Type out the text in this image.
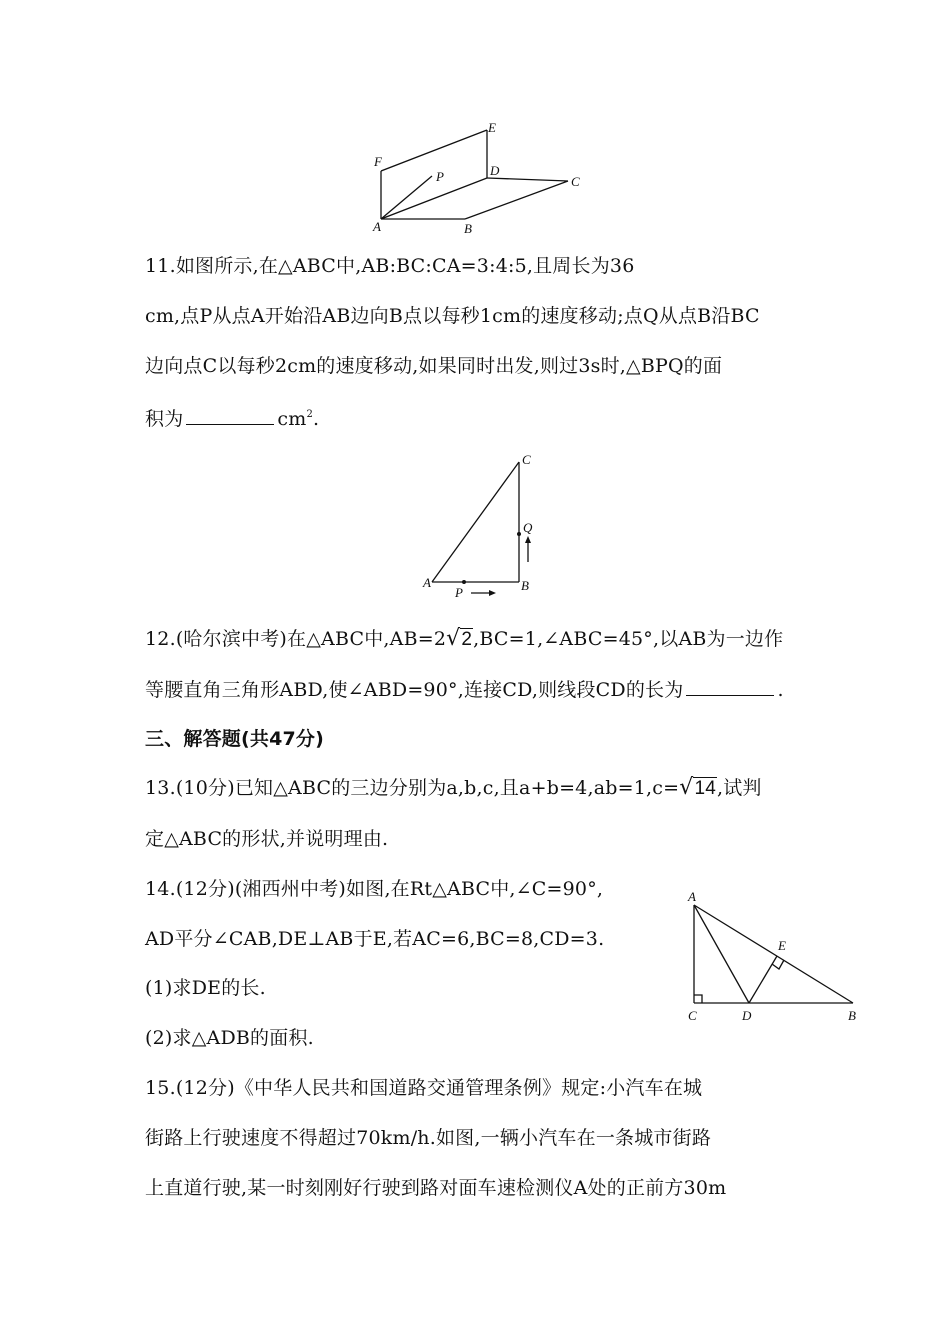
E
F
P	D
C
A	B
11.如图所示,在△ABC中,AB:BC:CA=3:4:5,且周长为36
cm,点P从点A开始沿AB边向B点以每秒1cm的速度移动;点Q从点B沿BC
边向点C以每秒2cm的速度移动,如果同时出发,则过3s时,△BPQ的面
积为	$cm^2$.
C
Q
A
P	B
12.(哈尔滨中考)在△ABC中,AB=2√2,BC=1,∠ABC=45°,以AB为一边作
等腰直角三角形ABD,使∠ABD=90°,连接CD,则线段CD的长为	.
三、解答题(共47分)
13.(10分)已知△ABC的三边分别为a,b,c,且a+b=4,ab=1,c=√14,试判
定△ABC的形状,并说明理由.
14.(12分)(湘西州中考)如图,在Rt△ABC中,∠C=90°,
AD平分∠CAB,DE⊥AB于E,若AC=6,BC=8,CD=3.
(1)求DE的长.
(2)求△ADB的面积.
A
E
C	D	B
15.(12分)《中华人民共和国道路交通管理条例》规定:小汽车在城
街路上行驶速度不得超过70km/h.如图,一辆小汽车在一条城市街路
上直道行驶,某一时刻刚好行驶到路对面车速检测仪A处的正前方30m
